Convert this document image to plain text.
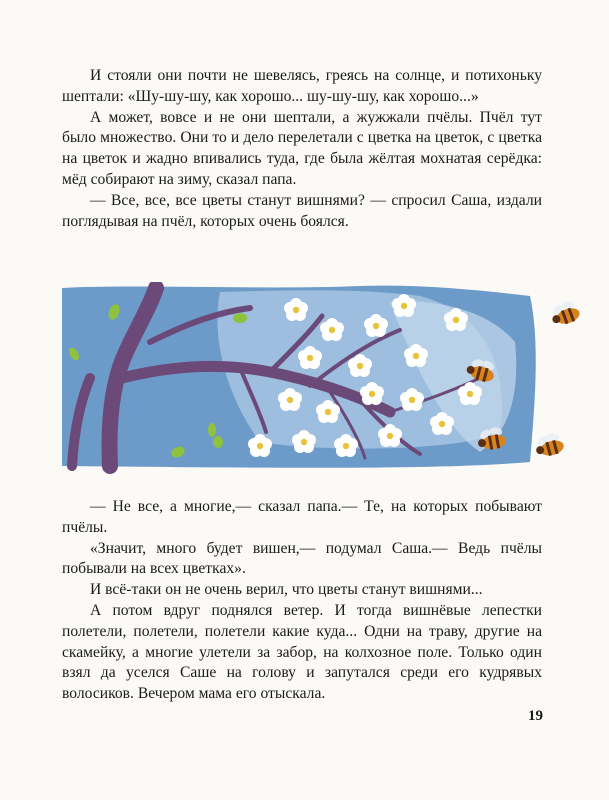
И стояли они почти не шевелясь, греясь на солнце, и потихоньку шептали: «Шу-шу-шу, как хорошо... шу-шу-шу, как хорошо...»

А может, вовсе и не они шептали, а жужжали пчёлы. Пчёл тут было множество. Они то и дело перелетали с цветка на цветок, с цветка на цветок и жадно впивались туда, где была жёлтая мохнатая серёдка: мёд собирают на зиму, сказал папа.

— Все, все, все цветы станут вишнями? — спросил Саша, издали поглядывая на пчёл, которых очень боялся.

— Не все, а многие,— сказал папа.— Те, на которых побывают пчёлы.

«Значит, много будет вишен,— подумал Саша.— Ведь пчёлы побывали на всех цветках».

И всё-таки он не очень верил, что цветы станут вишнями...

А потом вдруг поднялся ветер. И тогда вишнёвые лепестки полетели, полетели, полетели какие куда... Одни на траву, другие на скамейку, а многие улетели за забор, на колхозное поле. Только один взял да уселся Саше на голову и запутался среди его кудрявых волосиков. Вечером мама его отыскала.

19
